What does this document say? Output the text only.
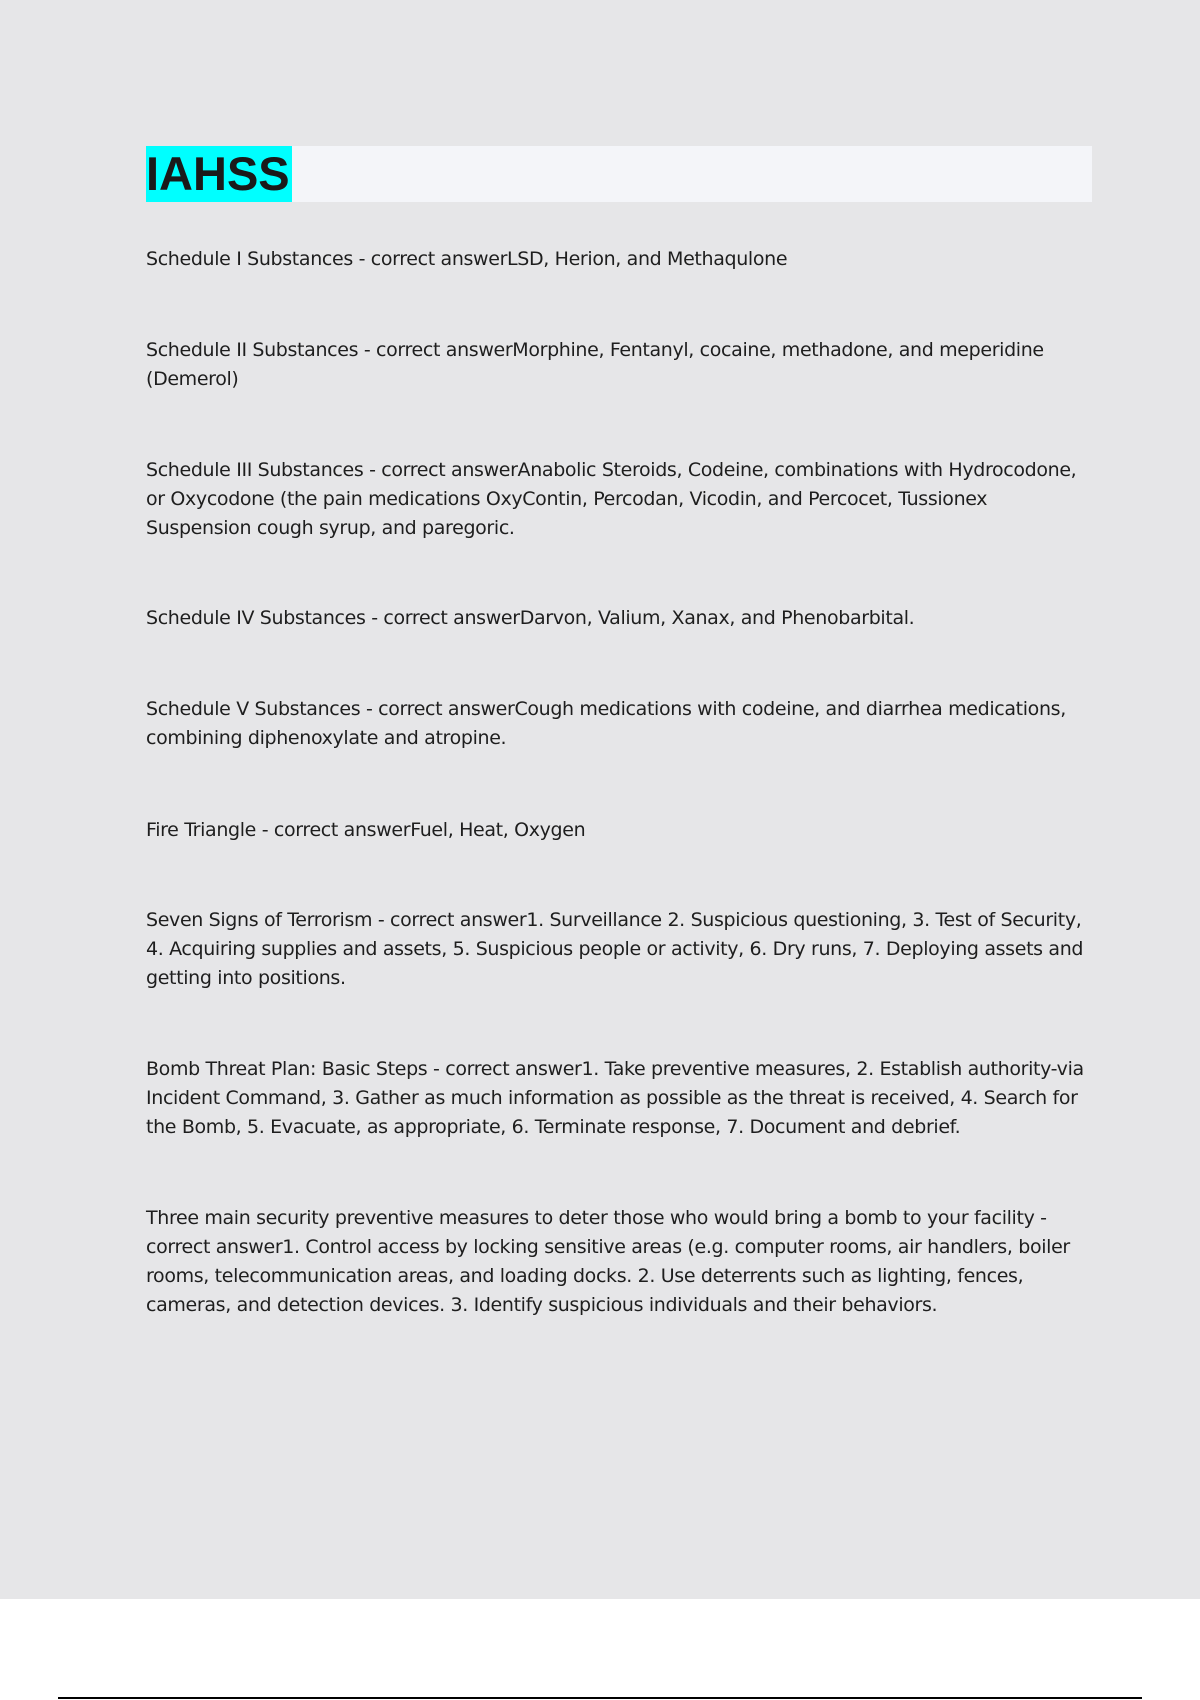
IAHSS
Schedule I Substances - correct answerLSD, Herion, and Methaqulone
Schedule II Substances - correct answerMorphine, Fentanyl, cocaine, methadone, and meperidine (Demerol)
Schedule III Substances - correct answerAnabolic Steroids, Codeine, combinations with Hydrocodone, or Oxycodone (the pain medications OxyContin, Percodan, Vicodin, and Percocet, Tussionex Suspension cough syrup, and paregoric.
Schedule IV Substances - correct answerDarvon, Valium, Xanax, and Phenobarbital.
Schedule V Substances - correct answerCough medications with codeine, and diarrhea medications, combining diphenoxylate and atropine.
Fire Triangle - correct answerFuel, Heat, Oxygen
Seven Signs of Terrorism - correct answer1. Surveillance 2. Suspicious questioning, 3. Test of Security, 4. Acquiring supplies and assets, 5. Suspicious people or activity, 6. Dry runs, 7. Deploying assets and getting into positions.
Bomb Threat Plan: Basic Steps - correct answer1. Take preventive measures, 2. Establish authority-via Incident Command, 3. Gather as much information as possible as the threat is received, 4. Search for the Bomb, 5. Evacuate, as appropriate, 6. Terminate response, 7. Document and debrief.
Three main security preventive measures to deter those who would bring a bomb to your facility - correct answer1. Control access by locking sensitive areas (e.g. computer rooms, air handlers, boiler rooms, telecommunication areas, and loading docks. 2. Use deterrents such as lighting, fences, cameras, and detection devices. 3. Identify suspicious individuals and their behaviors.
